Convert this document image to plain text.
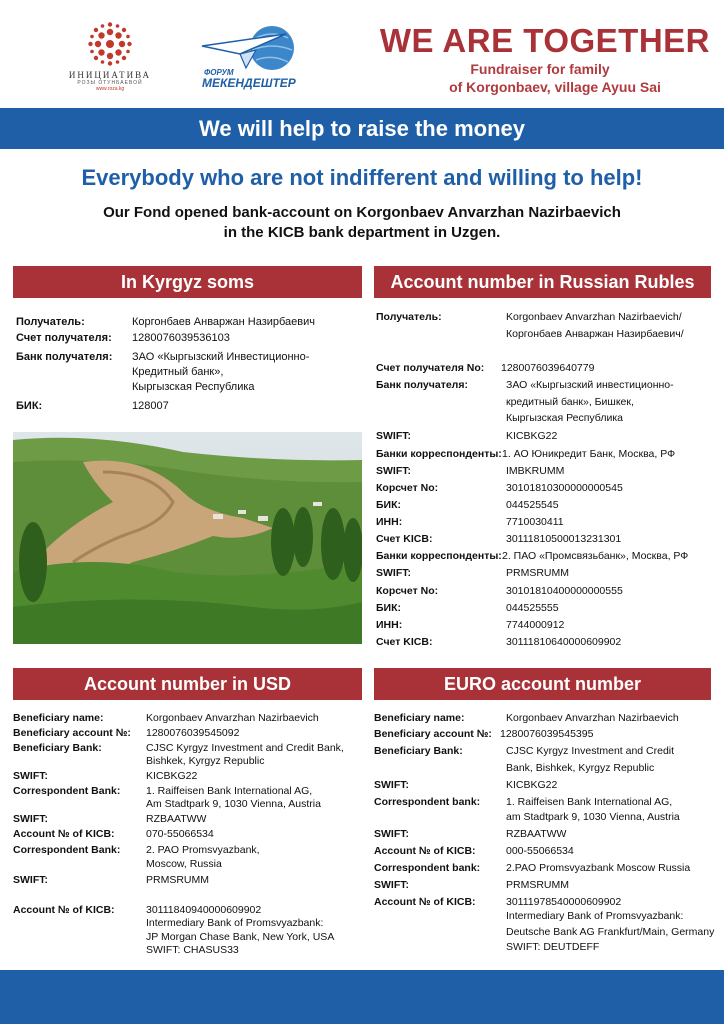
ИНИЦИАТИВА
РОЗЫ ОТУНБАЕВОЙ
www.roza.kg
ФОРУМ
МЕКЕНДЕШТЕР
WE ARE TOGETHER
Fundraiser for family
of Korgonbaev, village Ayuu Sai
We will help to raise the money
Everybody who are not indifferent and willing to help!
Our Fond opened bank-account on Korgonbaev Anvarzhan Nazirbaevich
in the KICB bank department in Uzgen.
In Kyrgyz soms
Получатель:	Коргонбаев Анваржан Назирбаевич
Счет получателя: 1280076039536103
Банк получателя: ЗАО «Кыргызский Инвестиционно-
Кредитный банк»,
Кыргызская Республика
БИК:	128007
Account number in Russian Rubles
Получатель:	Korgonbaev Anvarzhan Nazirbaevich/
Коргонбаев Анваржан Назирбаевич/
Счет получателя No: 1280076039640779
Банк получателя:	ЗАО «Кыргызский инвестиционно-
кредитный банк», Бишкек,
Кыргызская Республика
SWIFT:	KICBKG22
Банки корреспонденты: 1. АО Юникредит Банк, Москва, РФ
SWIFT:	IMBKRUMM
Корсчет No:	30101810300000000545
БИК:	044525545
ИНН:	7710030411
Счет KICB:	30111810500013231301
Банки корреспонденты: 2. ПАО «Промсвязьбанк», Москва, РФ
SWIFT:	PRMSRUMM
Корсчет No:	30101810400000000555
БИК:	044525555
ИНН:	7744000912
Счет KICB:	30111810640000609902
Account number in USD
Beneficiary name:	Korgonbaev Anvarzhan Nazirbaevich
Beneficiary account №: 1280076039545092
Beneficiary Bank:	CJSC Kyrgyz Investment and Credit Bank,
Bishkek, Kyrgyz Republic
SWIFT:	KICBKG22
Correspondent Bank: 1. Raiffeisen Bank International AG,
Am Stadtpark 9, 1030 Vienna, Austria
SWIFT:	RZBAATWW
Account № of KICB:	070-55066534
Correspondent Bank: 2. PAO Promsvyazbank,
Moscow, Russia
SWIFT:	PRMSRUMM
Account № of KICB:	30111840940000609902
Intermediary Bank of Promsvyazbank:
JP Morgan Chase Bank, New York, USA
SWIFT: CHASUS33
EURO account number
Beneficiary name:	Korgonbaev Anvarzhan Nazirbaevich
Beneficiary account №: 1280076039545395
Beneficiary Bank:	CJSC Kyrgyz Investment and Credit
Bank, Bishkek, Kyrgyz Republic
SWIFT:	KICBKG22
Correspondent bank: 1. Raiffeisen Bank International AG,
am Stadtpark 9, 1030 Vienna, Austria
SWIFT:	RZBAATWW
Account № of KICB:	000-55066534
Correspondent bank: 2.PAO Promsvyazbank Moscow Russia
SWIFT:	PRMSRUMM
Account № of KICB:	30111978540000609902
Intermediary Bank of Promsvyazbank:
Deutsche Bank AG Frankfurt/Main, Germany
SWIFT: DEUTDEFF
